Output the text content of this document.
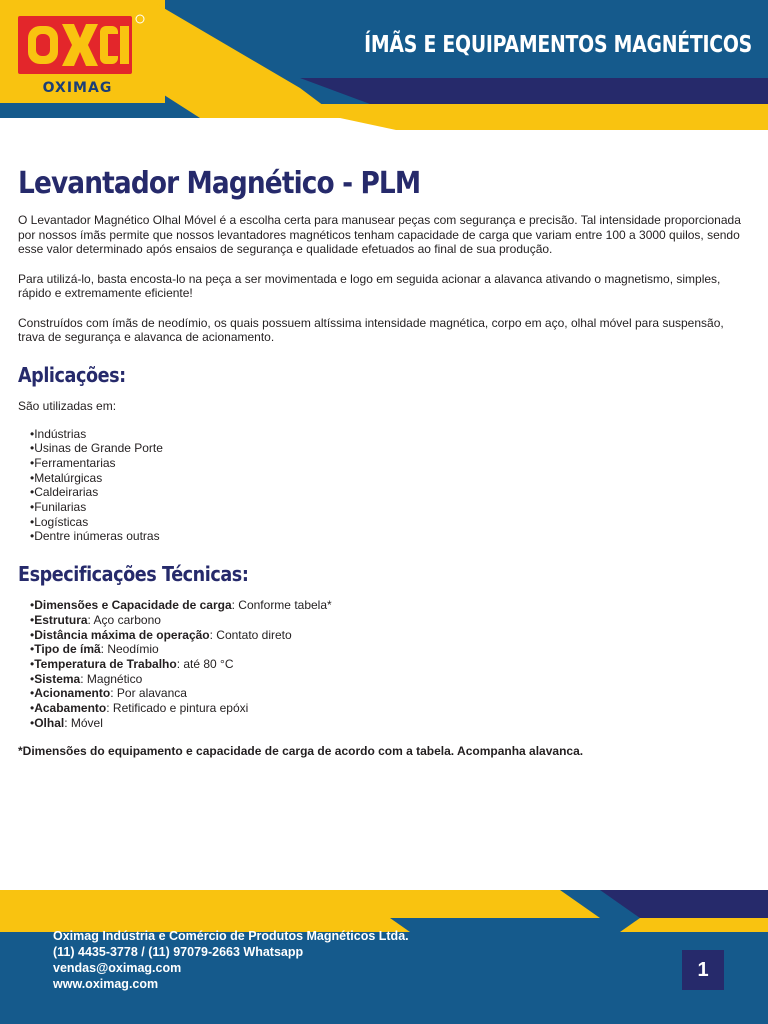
OXIMAG
ÍMÃS E EQUIPAMENTOS MAGNÉTICOS
Levantador Magnético - PLM

O Levantador Magnético Olhal Móvel é a escolha certa para manusear peças com segurança e precisão. Tal intensidade proporcionada por nossos ímãs permite que nossos levantadores magnéticos tenham capacidade de carga que variam entre 100 a 3000 quilos, sendo esse valor determinado após ensaios de segurança e qualidade efetuados ao final de sua produção.

Para utilizá-lo, basta encosta-lo na peça a ser movimentada e logo em seguida acionar a alavanca ativando o magnetismo, simples, rápido e extremamente eficiente!

Construídos com ímãs de neodímio, os quais possuem altíssima intensidade magnética, corpo em aço, olhal móvel para suspensão, trava de segurança e alavanca de acionamento.

Aplicações:

São utilizadas em:

• Indústrias
• Usinas de Grande Porte
• Ferramentarias
• Metalúrgicas
• Caldeirarias
• Funilarias
• Logísticas
• Dentre inúmeras outras
Especificações Técnicas:
• Dimensões e Capacidade de carga: Conforme tabela*
• Estrutura: Aço carbono
• Distância máxima de operação: Contato direto
• Tipo de ímã: Neodímio
• Temperatura de Trabalho: até 80 °C
• Sistema: Magnético
• Acionamento: Por alavanca
• Acabamento: Retificado e pintura epóxi
• Olhal: Móvel

*Dimensões do equipamento e capacidade de carga de acordo com a tabela. Acompanha alavanca.

Oximag Indústria e Comércio de Produtos Magnéticos Ltda.
(11) 4435-3778 / (11) 97079-2663 Whatsapp
vendas@oximag.com
www.oximag.com
1
